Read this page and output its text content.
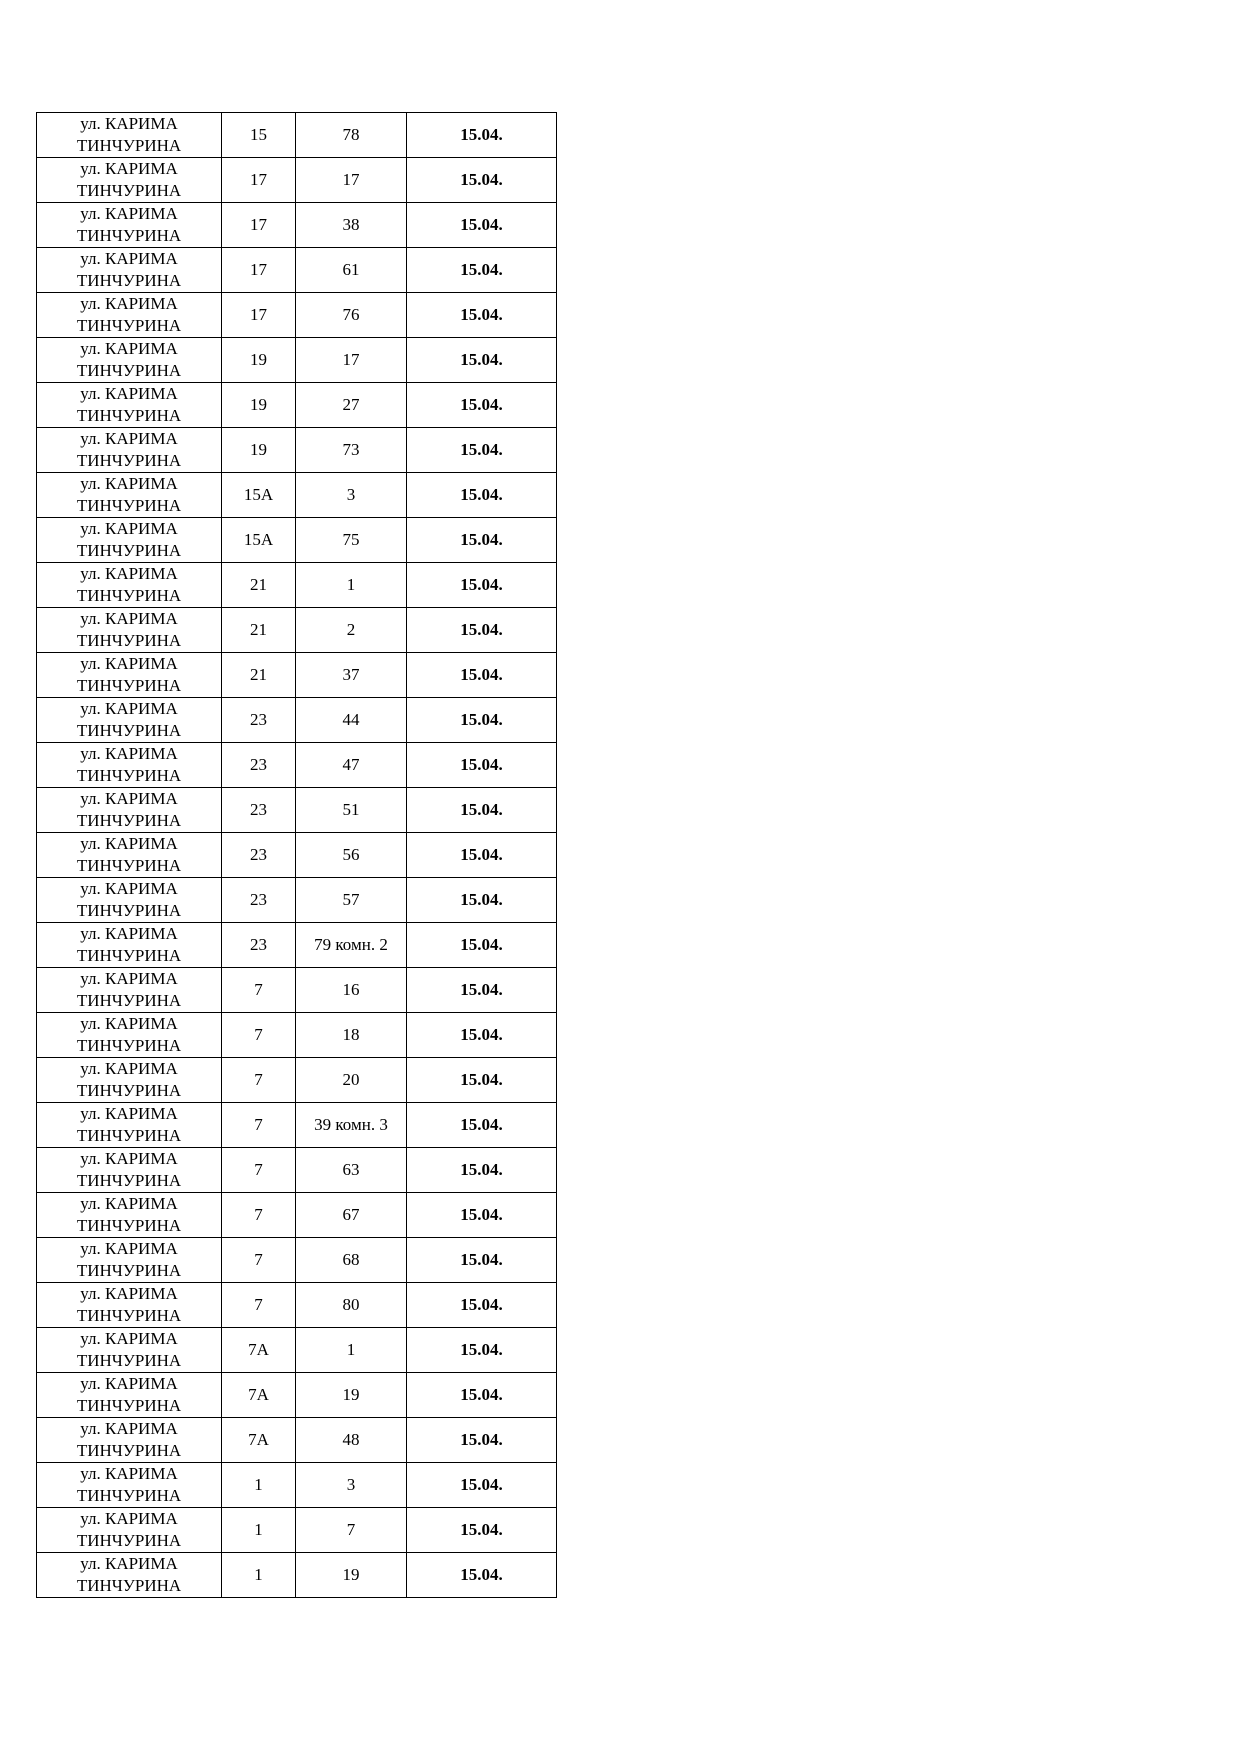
ул. КАРИМА
ТИНЧУРИНА	15	78	15.04.

ул. КАРИМА
ТИНЧУРИНА	17	17	15.04.

ул. КАРИМА
ТИНЧУРИНА	17	38	15.04.

ул. КАРИМА
ТИНЧУРИНА	17	61	15.04.

ул. КАРИМА
ТИНЧУРИНА	17	76	15.04.

ул. КАРИМА
ТИНЧУРИНА	19	17	15.04.

ул. КАРИМА
ТИНЧУРИНА	19	27	15.04.

ул. КАРИМА
ТИНЧУРИНА	19	73	15.04.

ул. КАРИМА
ТИНЧУРИНА	15А	3	15.04.

ул. КАРИМА
ТИНЧУРИНА	15А	75	15.04.

ул. КАРИМА
ТИНЧУРИНА	21	1	15.04.

ул. КАРИМА
ТИНЧУРИНА	21	2	15.04.

ул. КАРИМА
ТИНЧУРИНА	21	37	15.04.

ул. КАРИМА
ТИНЧУРИНА	23	44	15.04.

ул. КАРИМА
ТИНЧУРИНА	23	47	15.04.

ул. КАРИМА
ТИНЧУРИНА	23	51	15.04.

ул. КАРИМА
ТИНЧУРИНА	23	56	15.04.

ул. КАРИМА
ТИНЧУРИНА	23	57	15.04.

ул. КАРИМА
ТИНЧУРИНА	23	79 комн. 2	15.04.

ул. КАРИМА
ТИНЧУРИНА	7	16	15.04.

ул. КАРИМА
ТИНЧУРИНА	7	18	15.04.

ул. КАРИМА
ТИНЧУРИНА	7	20	15.04.

ул. КАРИМА
ТИНЧУРИНА	7	39 комн. 3	15.04.

ул. КАРИМА
ТИНЧУРИНА	7	63	15.04.

ул. КАРИМА
ТИНЧУРИНА	7	67	15.04.

ул. КАРИМА
ТИНЧУРИНА	7	68	15.04.

ул. КАРИМА
ТИНЧУРИНА	7	80	15.04.

ул. КАРИМА
ТИНЧУРИНА	7А	1	15.04.

ул. КАРИМА
ТИНЧУРИНА	7А	19	15.04.

ул. КАРИМА
ТИНЧУРИНА	7А	48	15.04.

ул. КАРИМА
ТИНЧУРИНА	1	3	15.04.

ул. КАРИМА
ТИНЧУРИНА	1	7	15.04.

ул. КАРИМА
ТИНЧУРИНА	1	19	15.04.
